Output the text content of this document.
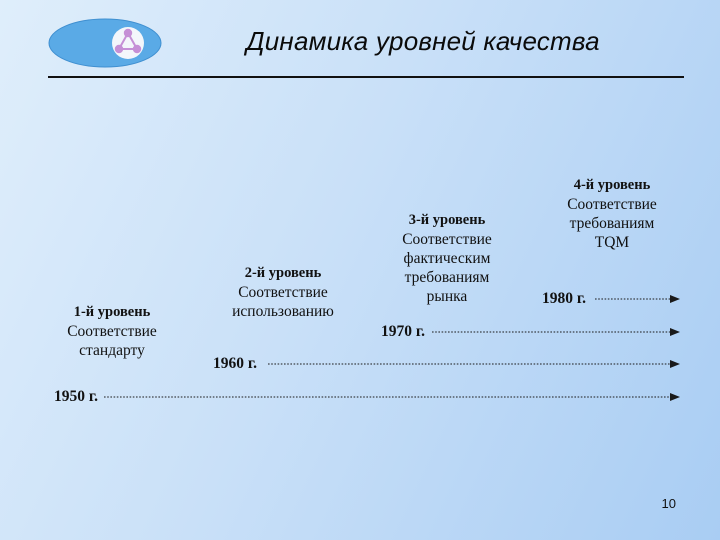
Динамика уровней качества
1-й уровень
Соответствие
стандарту
2-й уровень
Соответствие
использованию
3-й уровень
Соответствие
фактическим
требованиям
рынка
4-й уровень
Соответствие
требованиям
TQM
1950 г.
1960 г.
1970 г.
1980 г.
10
